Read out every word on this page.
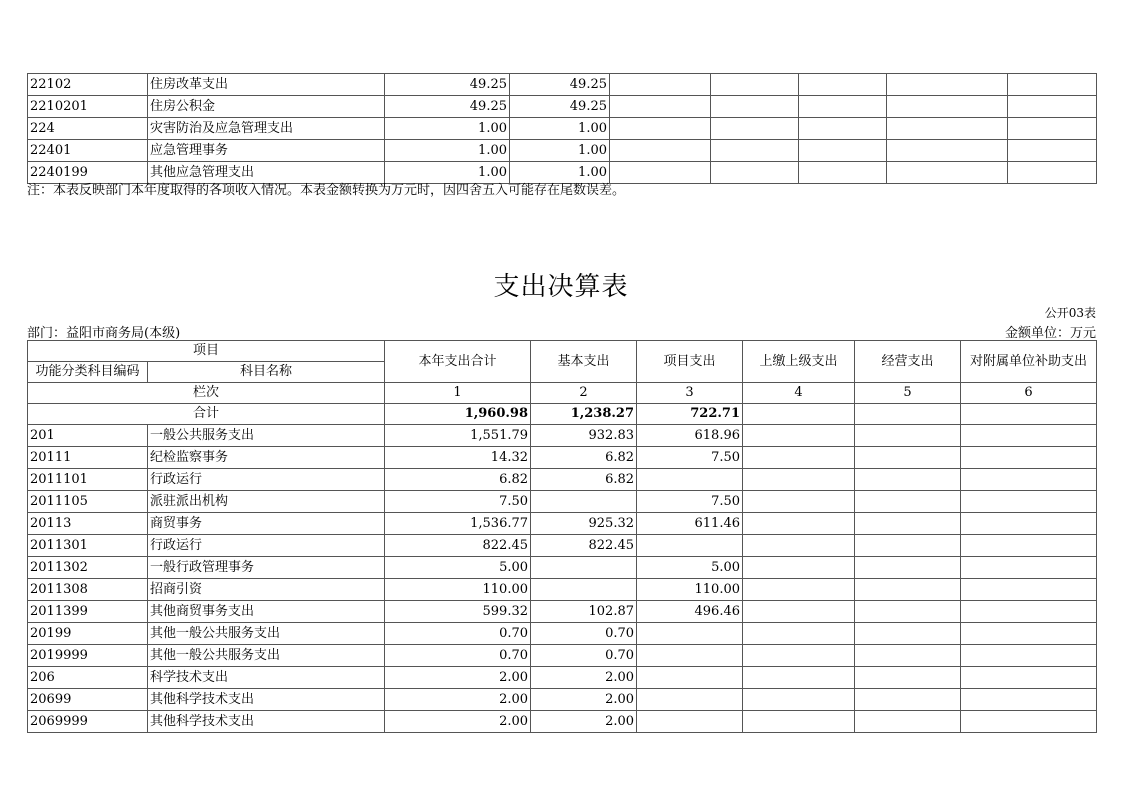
22102	住房改革支出	49.25	49.25					
2210201	住房公积金	49.25	49.25					
224	灾害防治及应急管理支出	1.00	1.00					
22401	应急管理事务	1.00	1.00					
2240199	其他应急管理支出	1.00	1.00					
注：本表反映部门本年度取得的各项收入情况。本表金额转换为万元时，因四舍五入可能存在尾数误差。
支出决算表
公开03表
部门：益阳市商务局(本级)	金额单位：万元
项目		本年支出合计	基本支出	项目支出	上缴上级支出	经营支出	对附属单位补助支出
功能分类科目编码	科目名称						
栏次		1	2	3	4	5	6
合计		1,960.98	1,238.27	722.71			
201	一般公共服务支出	1,551.79	932.83	618.96			
20111	纪检监察事务	14.32	6.82	7.50			
2011101	行政运行	6.82	6.82				
2011105	派驻派出机构	7.50		7.50			
20113	商贸事务	1,536.77	925.32	611.46			
2011301	行政运行	822.45	822.45				
2011302	一般行政管理事务	5.00		5.00			
2011308	招商引资	110.00		110.00			
2011399	其他商贸事务支出	599.32	102.87	496.46			
20199	其他一般公共服务支出	0.70	0.70				
2019999	其他一般公共服务支出	0.70	0.70				
206	科学技术支出	2.00	2.00				
20699	其他科学技术支出	2.00	2.00				
2069999	其他科学技术支出	2.00	2.00				
